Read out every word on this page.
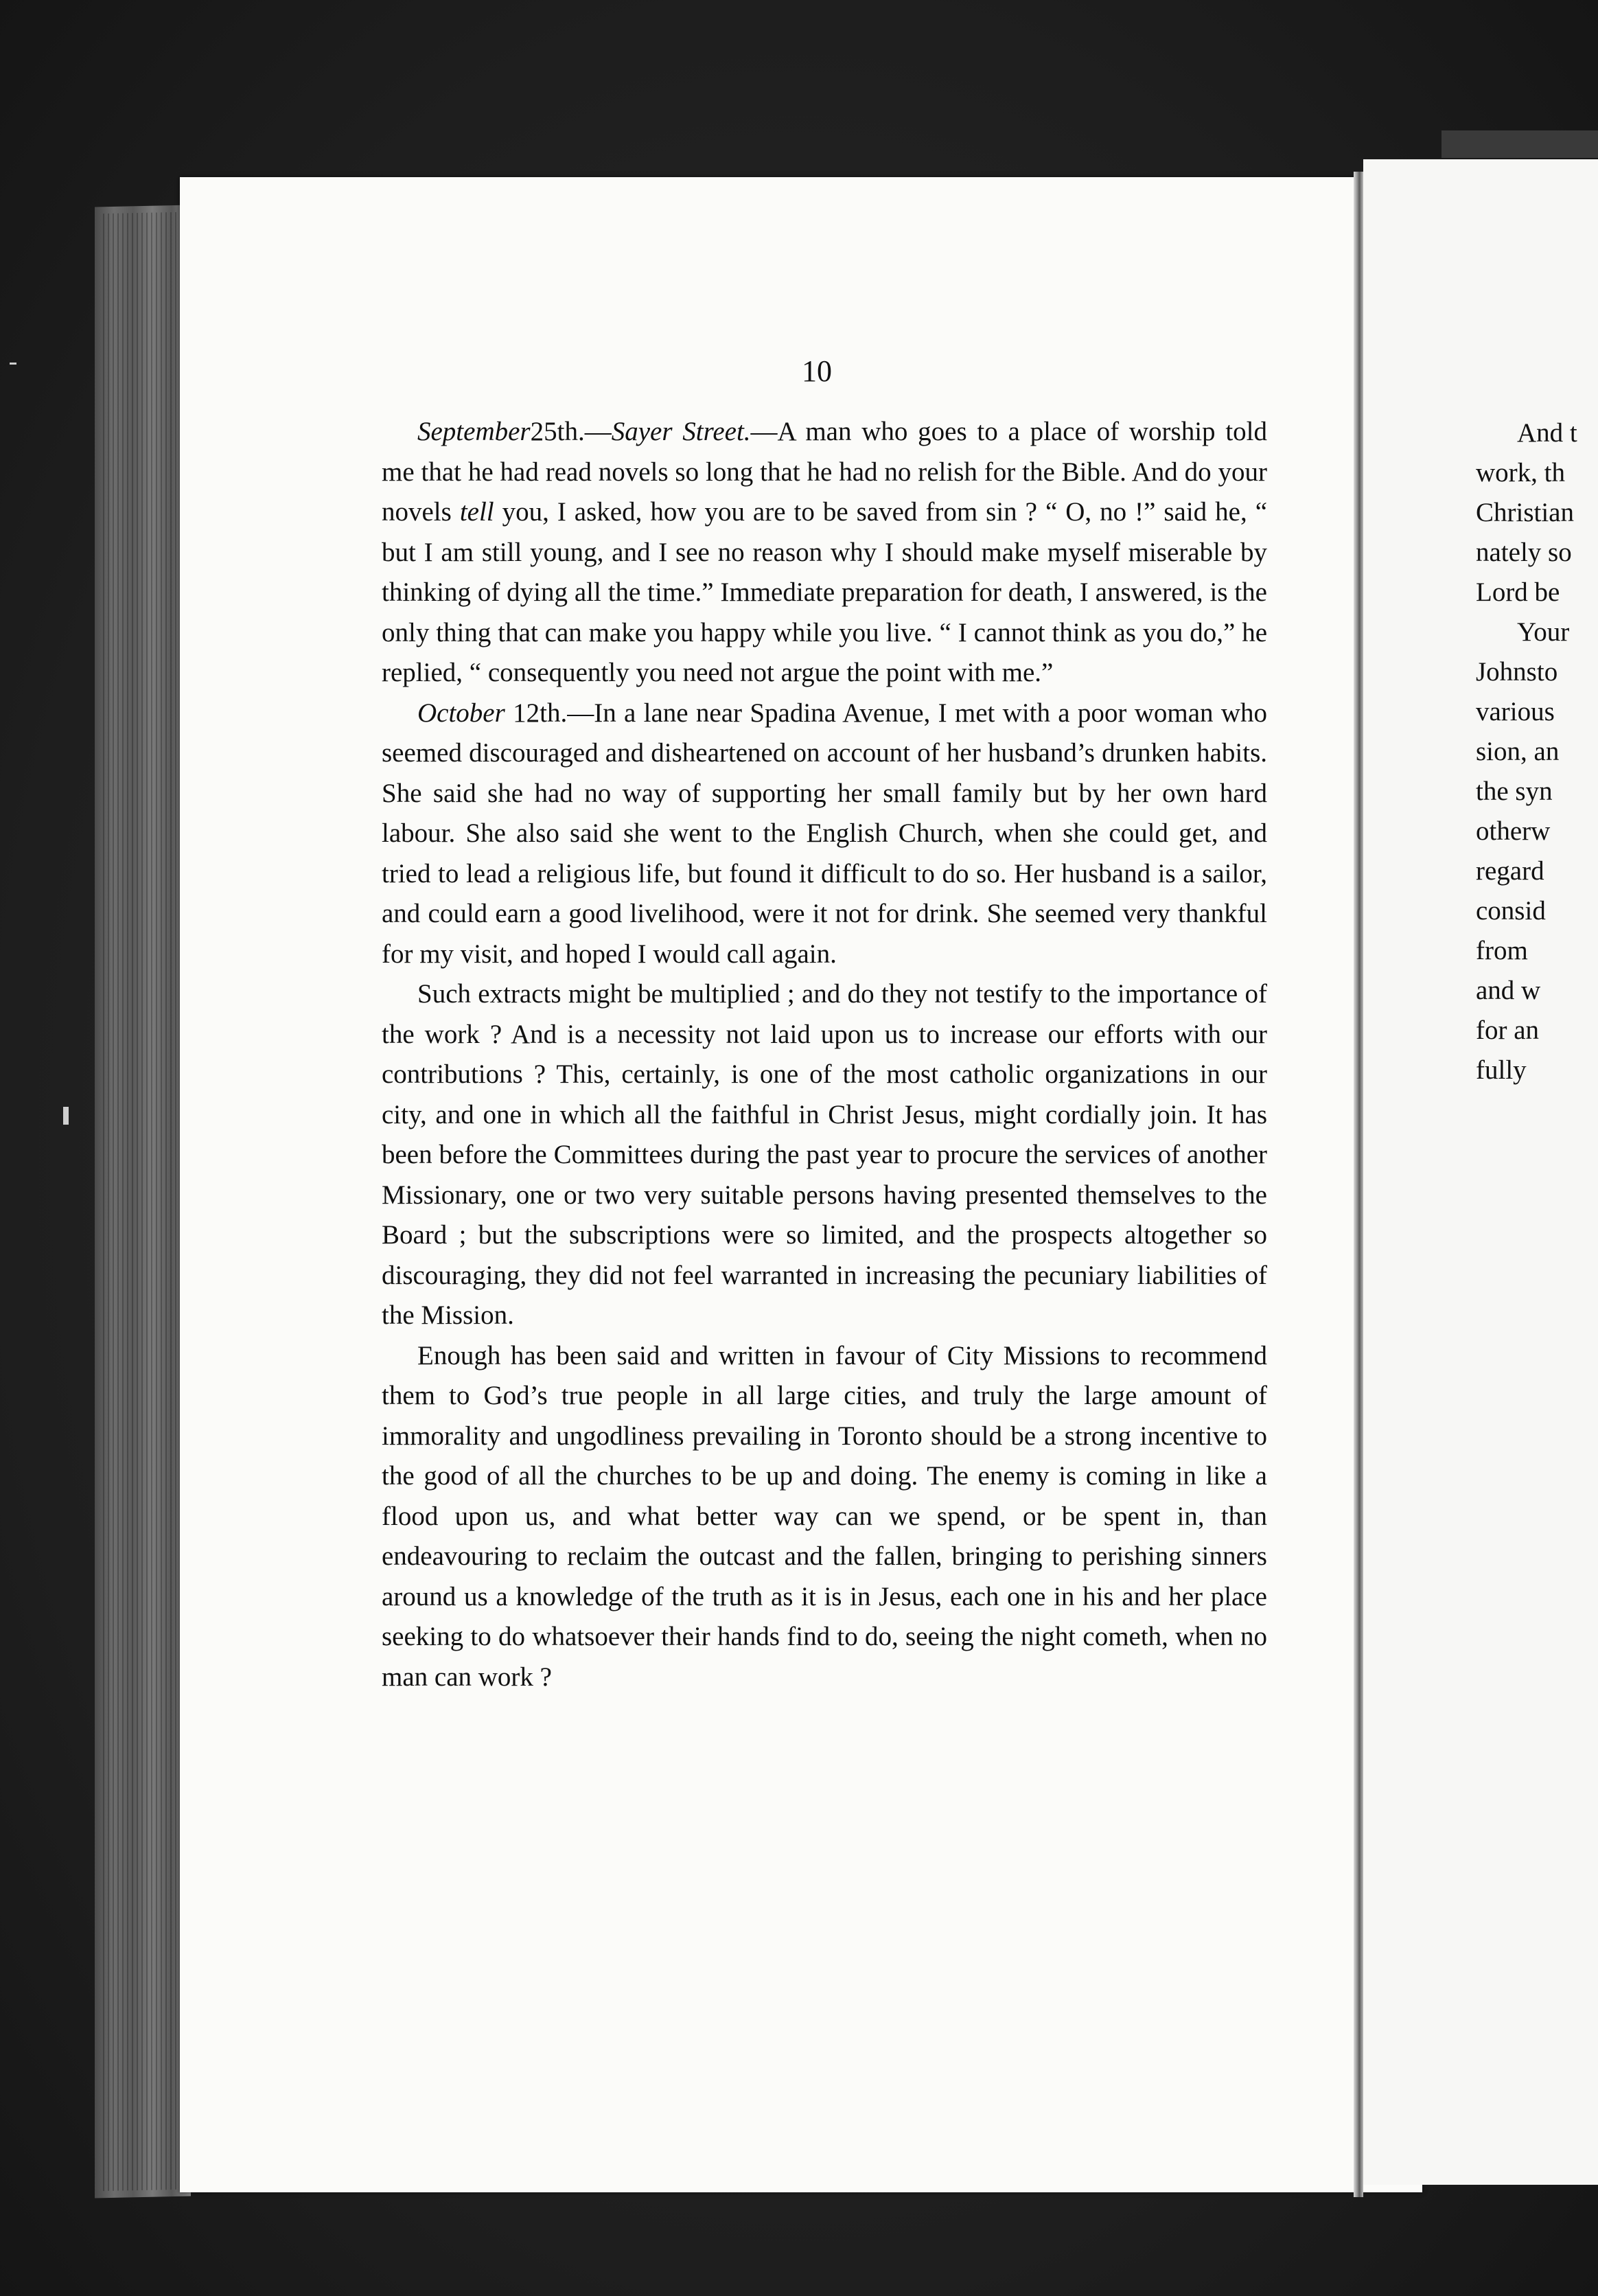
10

September25th.—Sayer Street.—A man who goes to a place of worship told me that he had read novels so long that he had no relish for the Bible. And do your novels tell you, I asked, how you are to be saved from sin ? “ O, no !” said he, “ but I am still young, and I see no reason why I should make myself miserable by thinking of dying all the time.” Immediate preparation for death, I answered, is the only thing that can make you happy while you live. “ I cannot think as you do,” he replied, “ consequently you need not argue the point with me.”

October 12th.—In a lane near Spadina Avenue, I met with a poor woman who seemed discouraged and disheartened on account of her husband’s drunken habits. She said she had no way of supporting her small family but by her own hard labour. She also said she went to the English Church, when she could get, and tried to lead a religious life, but found it difficult to do so. Her husband is a sailor, and could earn a good livelihood, were it not for drink. She seemed very thankful for my visit, and hoped I would call again.

Such extracts might be multiplied ; and do they not testify to the importance of the work ? And is a necessity not laid upon us to increase our efforts with our contributions ? This, certainly, is one of the most catholic organizations in our city, and one in which all the faithful in Christ Jesus, might cordially join. It has been before the Committees during the past year to procure the services of another Missionary, one or two very suitable persons having presented themselves to the Board ; but the subscriptions were so limited, and the prospects altogether so discouraging, they did not feel warranted in increasing the pecuniary liabilities of the Mission.

Enough has been said and written in favour of City Missions to recommend them to God’s true people in all large cities, and truly the large amount of immorality and ungodliness prevailing in Toronto should be a strong incentive to the good of all the churches to be up and doing. The enemy is coming in like a flood upon us, and what better way can we spend, or be spent in, than endeavouring to reclaim the outcast and the fallen, bringing to perishing sinners around us a knowledge of the truth as it is in Jesus, each one in his and her place seeking to do whatsoever their hands find to do, seeing the night cometh, when no man can work ?

And t
work, th
Christian
nately so
Lord be
Your
Johnsto
various
sion, an
the syn
otherw
regard
consid
from
and w
for an
fully
